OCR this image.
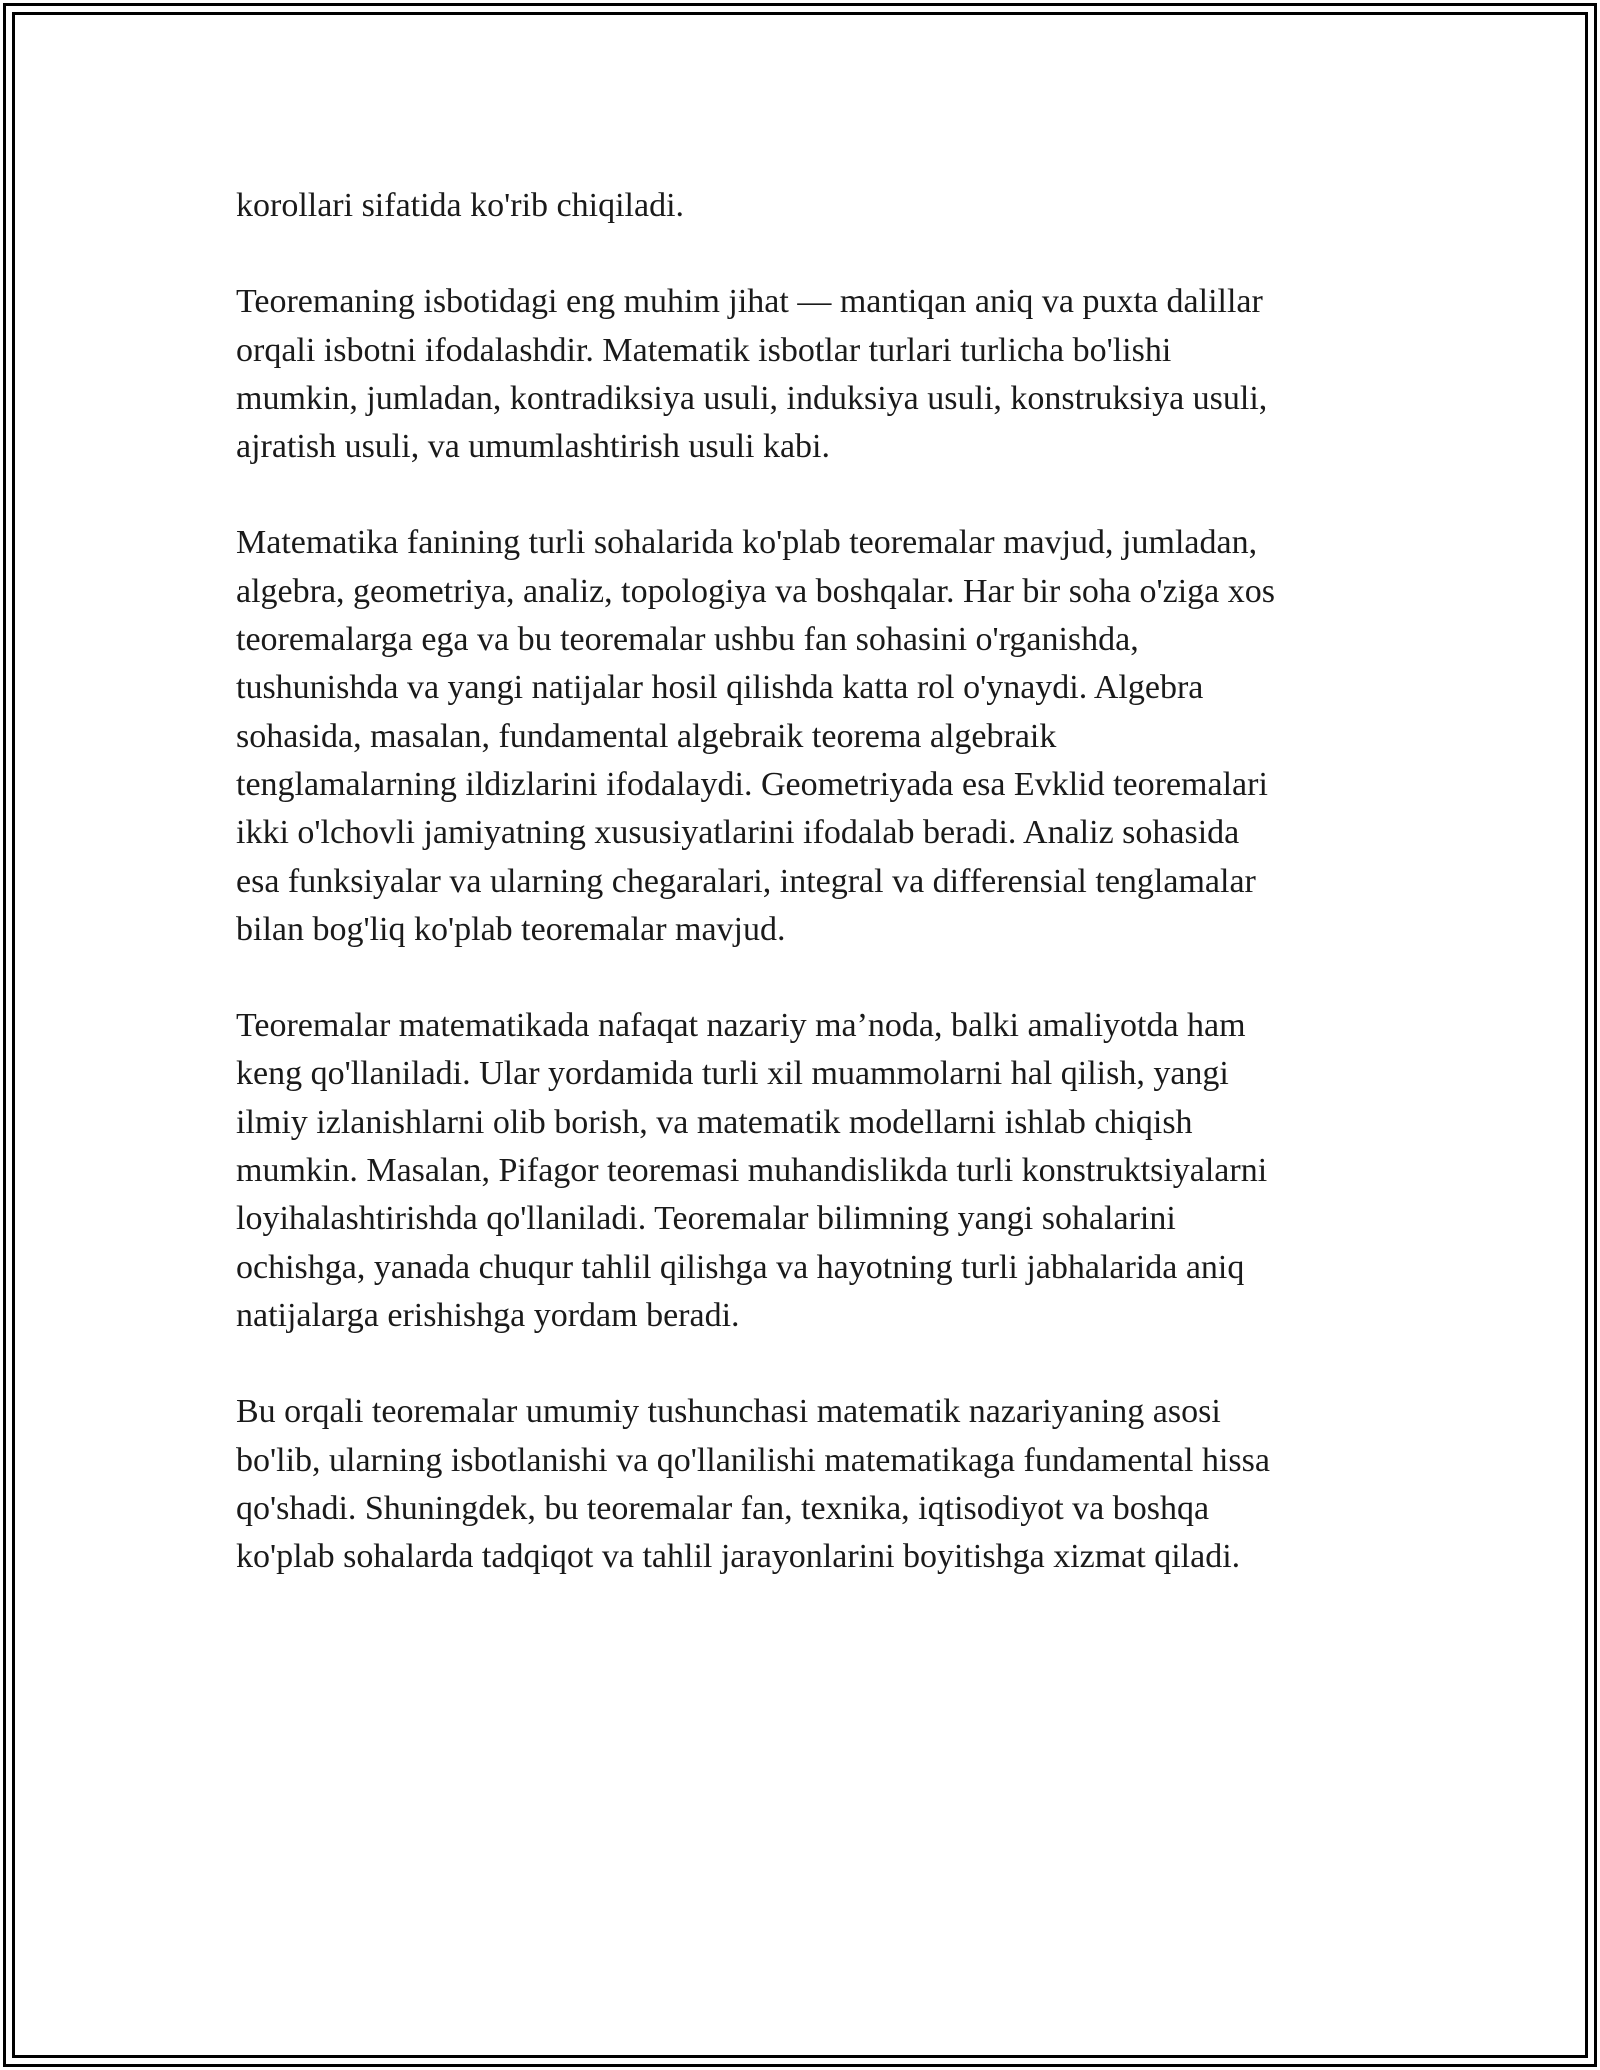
korollari sifatida ko'rib chiqiladi.

Teoremaning isbotidagi eng muhim jihat — mantiqan aniq va puxta dalillar
orqali isbotni ifodalashdir. Matematik isbotlar turlari turlicha bo'lishi
mumkin, jumladan, kontradiksiya usuli, induksiya usuli, konstruksiya usuli,
ajratish usuli, va umumlashtirish usuli kabi.

Matematika fanining turli sohalarida ko'plab teoremalar mavjud, jumladan,
algebra, geometriya, analiz, topologiya va boshqalar. Har bir soha o'ziga xos
teoremalarga ega va bu teoremalar ushbu fan sohasini o'rganishda,
tushunishda va yangi natijalar hosil qilishda katta rol o'ynaydi. Algebra
sohasida, masalan, fundamental algebraik teorema algebraik
tenglamalarning ildizlarini ifodalaydi. Geometriyada esa Evklid teoremalari
ikki o'lchovli jamiyatning xususiyatlarini ifodalab beradi. Analiz sohasida
esa funksiyalar va ularning chegaralari, integral va differensial tenglamalar
bilan bog'liq ko'plab teoremalar mavjud.

Teoremalar matematikada nafaqat nazariy ma’noda, balki amaliyotda ham
keng qo'llaniladi. Ular yordamida turli xil muammolarni hal qilish, yangi
ilmiy izlanishlarni olib borish, va matematik modellarni ishlab chiqish
mumkin. Masalan, Pifagor teoremasi muhandislikda turli konstruktsiyalarni
loyihalashtirishda qo'llaniladi. Teoremalar bilimning yangi sohalarini
ochishga, yanada chuqur tahlil qilishga va hayotning turli jabhalarida aniq
natijalarga erishishga yordam beradi.

Bu orqali teoremalar umumiy tushunchasi matematik nazariyaning asosi
bo'lib, ularning isbotlanishi va qo'llanilishi matematikaga fundamental hissa
qo'shadi. Shuningdek, bu teoremalar fan, texnika, iqtisodiyot va boshqa
ko'plab sohalarda tadqiqot va tahlil jarayonlarini boyitishga xizmat qiladi.
